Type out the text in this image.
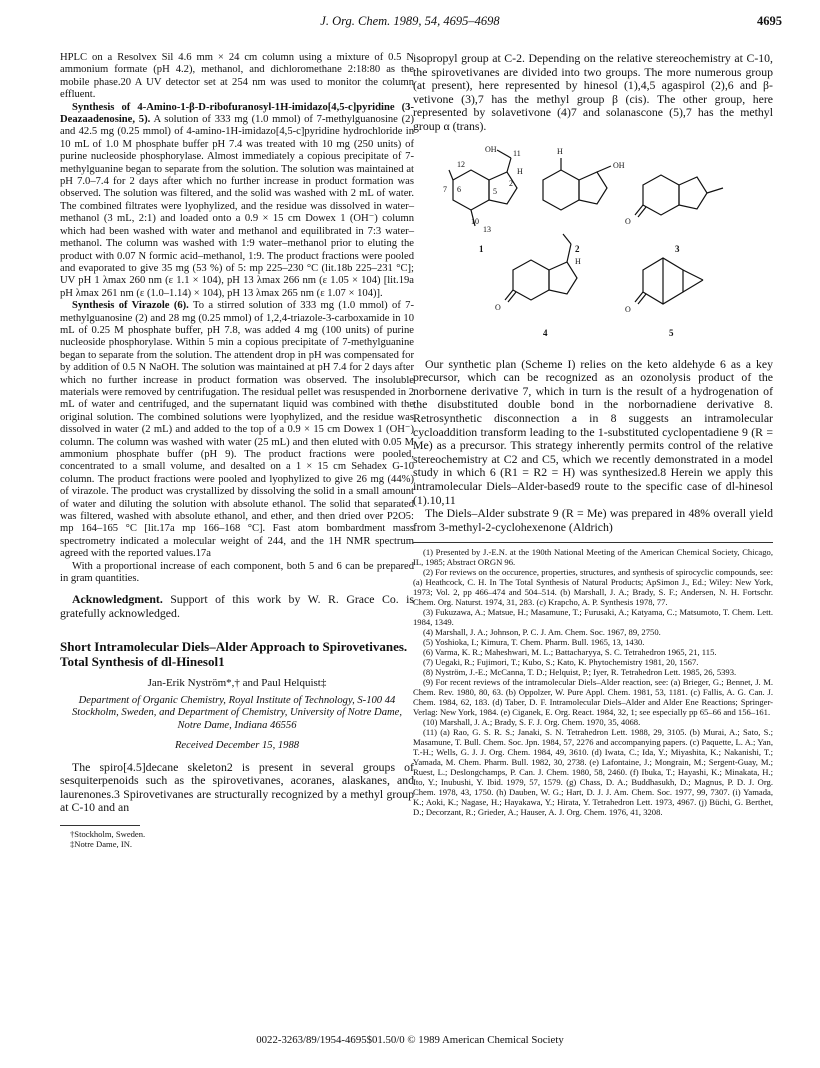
J. Org. Chem. 1989, 54, 4695–4698	4695

HPLC on a Resolvex Sil 4.6 mm × 24 cm column using a mixture of 0.5 N ammonium formate (pH 4.2), methanol, and dichloromethane 2:18:80 as the mobile phase.20 A UV detector set at 254 nm was used to monitor the column effluent.

Synthesis of 4-Amino-1-β-D-ribofuranosyl-1H-imidazo[4,5-c]pyridine (3-Deazaadenosine, 5). A solution of 333 mg (1.0 mmol) of 7-methylguanosine (2) and 42.5 mg (0.25 mmol) of 4-amino-1H-imidazo[4,5-c]pyridine hydrochloride in 10 mL of 1.0 M phosphate buffer pH 7.4 was treated with 10 mg (250 units) of purine nucleoside phosphorylase. Almost immediately a copious precipitate of 7-methylguanine began to separate from the solution. The solution was maintained at pH 7.0–7.4 for 2 days after which no further increase in product formation was observed. The solution was filtered, and the solid was washed with 2 mL of water. The combined filtrates were lyophylized, and the residue was dissolved in water–methanol (3 mL, 2:1) and loaded onto a 0.9 × 15 cm Dowex 1 (OH⁻) column which had been washed with water and methanol and equilibrated in 7:3 water–methanol. The column was washed with 1:9 water–methanol prior to eluting the product with 0.07 N formic acid–methanol, 1:9. The product fractions were pooled and evaporated to give 35 mg (53 %) of 5: mp 225–230 °C (lit.18b 225–231 °C]; UV pH 1 λmax 260 nm (ε 1.1 × 104), pH 13 λmax 266 nm (ε 1.05 × 104) [lit.19a pH λmax 261 nm (ε (1.0–1.14) × 104), pH 13 λmax 265 nm (ε 1.07 × 104)].

Synthesis of Virazole (6). To a stirred solution of 333 mg (1.0 mmol) of 7-methylguanosine (2) and 28 mg (0.25 mmol) of 1,2,4-triazole-3-carboxamide in 10 mL of 0.25 M phosphate buffer, pH 7.8, was added 4 mg (100 units) of purine nucleoside phosphorylase. Within 5 min a copious precipitate of 7-methylguanine began to separate from the solution. The attendent drop in pH was compensated for by addition of 0.5 N NaOH. The solution was maintained at pH 7.4 for 2 days after which no further increase in product formation was observed. The insoluble materials were removed by centrifugation. The residual pellet was resuspended in 2 mL of water and centrifuged, and the supernatant liquid was combined with the original solution. The combined solutions were lyophylized, and the residue was dissolved in water (2 mL) and added to the top of a 0.9 × 15 cm Dowex 1 (OH⁻) column. The column was washed with water (25 mL) and then eluted with 0.05 M ammonium phosphate buffer (pH 9). The product fractions were pooled, concentrated to a small volume, and desalted on a 1 × 15 cm Sehadex G-10 column. The product fractions were pooled and lyophylized to give 26 mg (44%) of virazole. The product was crystallized by dissolving the solid in a small amount of water and diluting the solution with absolute ethanol. The solid that separated was filtered, washed with absolute ethanol, and ether, and then dried over P2O5: mp 164–165 °C [lit.17a mp 166–168 °C]. Fast atom bombardment mass spectrometry indicated a molecular weight of 244, and the 1H NMR spectrum agreed with the reported values.17a

With a proportional increase of each component, both 5 and 6 can be prepared in gram quantities.

Acknowledgment. Support of this work by W. R. Grace Co. is gratefully acknowledged.

Short Intramolecular Diels–Alder Approach to Spirovetivanes. Total Synthesis of dl-Hinesol1
Jan-Erik Nyström*,† and Paul Helquist‡
Department of Organic Chemistry, Royal Institute of Technology, S-100 44 Stockholm, Sweden, and Department of Chemistry, University of Notre Dame, Notre Dame, Indiana 46556
Received December 15, 1988

The spiro[4.5]decane skeleton2 is present in several groups of sesquiterpenoids such as the spirovetivanes, acoranes, alaskanes, and laurenones.3 Spirovetivanes are structurally recognized by a methyl group at C-10 and an

†Stockholm, Sweden.

‡Notre Dame, IN.

isopropyl group at C-2. Depending on the relative stereochemistry at C-10, the spirovetivanes are divided into two groups. The more numerous group (at present), here represented by hinesol (1),4,5 agaspirol (2),6 and β-vetivone (3),7 has the methyl group β (cis). The other group, here represented by solavetivone (4)7 and solanascone (5),7 has the methyl group α (trans).

12
11
OH
H
2
7 6	5
10
13
H
OH
O
H
O	O
1	2	3
4	5

Our synthetic plan (Scheme I) relies on the keto aldehyde 6 as a key precursor, which can be recognized as an ozonolysis product of the norbornene derivative 7, which in turn is the result of a hydrogenation of the disubstituted double bond in the norbornadiene derivative 8. Retrosynthetic disconnection a in 8 suggests an intramolecular cycloaddition transform leading to the 1-substituted cyclopentadiene 9 (R = Me) as a precursor. This strategy inherently permits control of the relative stereochemistry at C2 and C5, which we recently demonstrated in a model study in which 6 (R1 = R2 = H) was synthesized.8 Herein we apply this intramolecular Diels–Alder-based9 route to the specific case of dl-hinesol (1).10,11

The Diels–Alder substrate 9 (R = Me) was prepared in 48% overall yield from 3-methyl-2-cyclohexenone (Aldrich)

(1) Presented by J.-E.N. at the 190th National Meeting of the American Chemical Society, Chicago, IL, 1985; Abstract ORGN 96.

(2) For reviews on the occurence, properties, structures, and synthesis of spirocyclic compounds, see: (a) Heathcock, C. H. In The Total Synthesis of Natural Products; ApSimon J., Ed.; Wiley: New York, 1973; Vol. 2, pp 466–474 and 504–514. (b) Marshall, J. A.; Brady, S. F.; Andersen, N. H. Fortschr. Chem. Org. Naturst. 1974, 31, 283. (c) Krapcho, A. P. Synthesis 1978, 77.

(3) Fukuzawa, A.; Matsue, H.; Masamune, T.; Furusaki, A.; Katyama, C.; Matsumoto, T. Chem. Lett. 1984, 1349.

(4) Marshall, J. A.; Johnson, P. C. J. Am. Chem. Soc. 1967, 89, 2750.

(5) Yoshioka, I.; Kimura, T. Chem. Pharm. Bull. 1965, 13, 1430.

(6) Varma, K. R.; Maheshwari, M. L.; Battacharyya, S. C. Tetrahedron 1965, 21, 115.

(7) Uegaki, R.; Fujimori, T.; Kubo, S.; Kato, K. Phytochemistry 1981, 20, 1567.

(8) Nyström, J.-E.; McCanna, T. D.; Helquist, P.; Iyer, R. Tetrahedron Lett. 1985, 26, 5393.

(9) For recent reviews of the intramolecular Diels–Alder reaction, see: (a) Brieger, G.; Bennet, J. M. Chem. Rev. 1980, 80, 63. (b) Oppolzer, W. Pure Appl. Chem. 1981, 53, 1181. (c) Fallis, A. G. Can. J. Chem. 1984, 62, 183. (d) Taber, D. F. Intramolecular Diels–Alder and Alder Ene Reactions; Springer-Verlag: New York, 1984. (e) Ciganek, E. Org. React. 1984, 32, 1; see especially pp 65–66 and 156–161.

(10) Marshall, J. A.; Brady, S. F. J. Org. Chem. 1970, 35, 4068.

(11) (a) Rao, G. S. R. S.; Janaki, S. N. Tetrahedron Lett. 1988, 29, 3105. (b) Murai, A.; Sato, S.; Masamune, T. Bull. Chem. Soc. Jpn. 1984, 57, 2276 and accompanying papers. (c) Paquette, L. A.; Yan, T.-H.; Wells, G. J. J. Org. Chem. 1984, 49, 3610. (d) Iwata, C.; Ida, Y.; Miyashita, K.; Nakanishi, T.; Yamada, M. Chem. Pharm. Bull. 1982, 30, 2738. (e) Lafontaine, J.; Mongrain, M.; Sergent-Guay, M.; Ruest, L.; Deslongchamps, P. Can. J. Chem. 1980, 58, 2460. (f) Ibuka, T.; Hayashi, K.; Minakata, H.; Ito, Y.; Inubushi, Y. Ibid. 1979, 57, 1579. (g) Chass, D. A.; Buddhasukh, D.; Magnus, P. D. J. Org. Chem. 1978, 43, 1750. (h) Dauben, W. G.; Hart, D. J. J. Am. Chem. Soc. 1977, 99, 7307. (i) Yamada, K.; Aoki, K.; Nagase, H.; Hayakawa, Y.; Hirata, Y. Tetrahedron Lett. 1973, 4967. (j) Büchi, G. Berthet, D.; Decorzant, R.; Grieder, A.; Hauser, A. J. Org. Chem. 1976, 41, 3208.

0022-3263/89/1954-4695$01.50/0 © 1989 American Chemical Society
